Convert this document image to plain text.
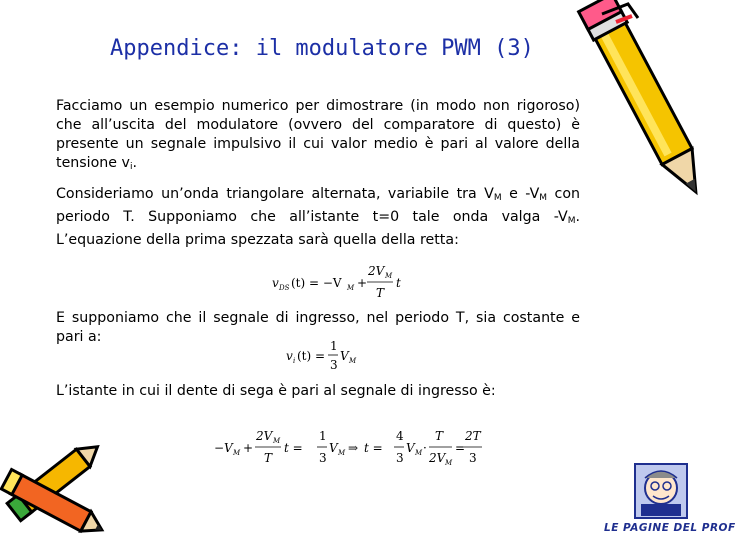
Appendice: il modulatore PWM (3)
Facciamo un esempio numerico per dimostrare (in modo non rigoroso) che all’uscita del modulatore (ovvero del comparatore di questo) è presente un segnale impulsivo il cui valor medio è pari al valore della tensione $v_i$.
Consideriamo un’onda triangolare alternata, variabile tra $V_M$ e $-V_M$ con periodo T. Supponiamo che all’istante t=0 tale onda valga $-V_M$. L’equazione della prima spezzata sarà quella della retta:
v DS (t) = −V M +
2V M
T
t
E supponiamo che il segnale di ingresso, nel periodo T, sia costante e pari a:
v i (t) =
1
3
V M
L’istante in cui il dente di sega è pari al segnale di ingresso è:
−V M +
2V M
T
t =
1
3
V M ⇒ t =
4
3
V M ·
T
2V M
=
2T
3
LE PAGINE DEL PROF
